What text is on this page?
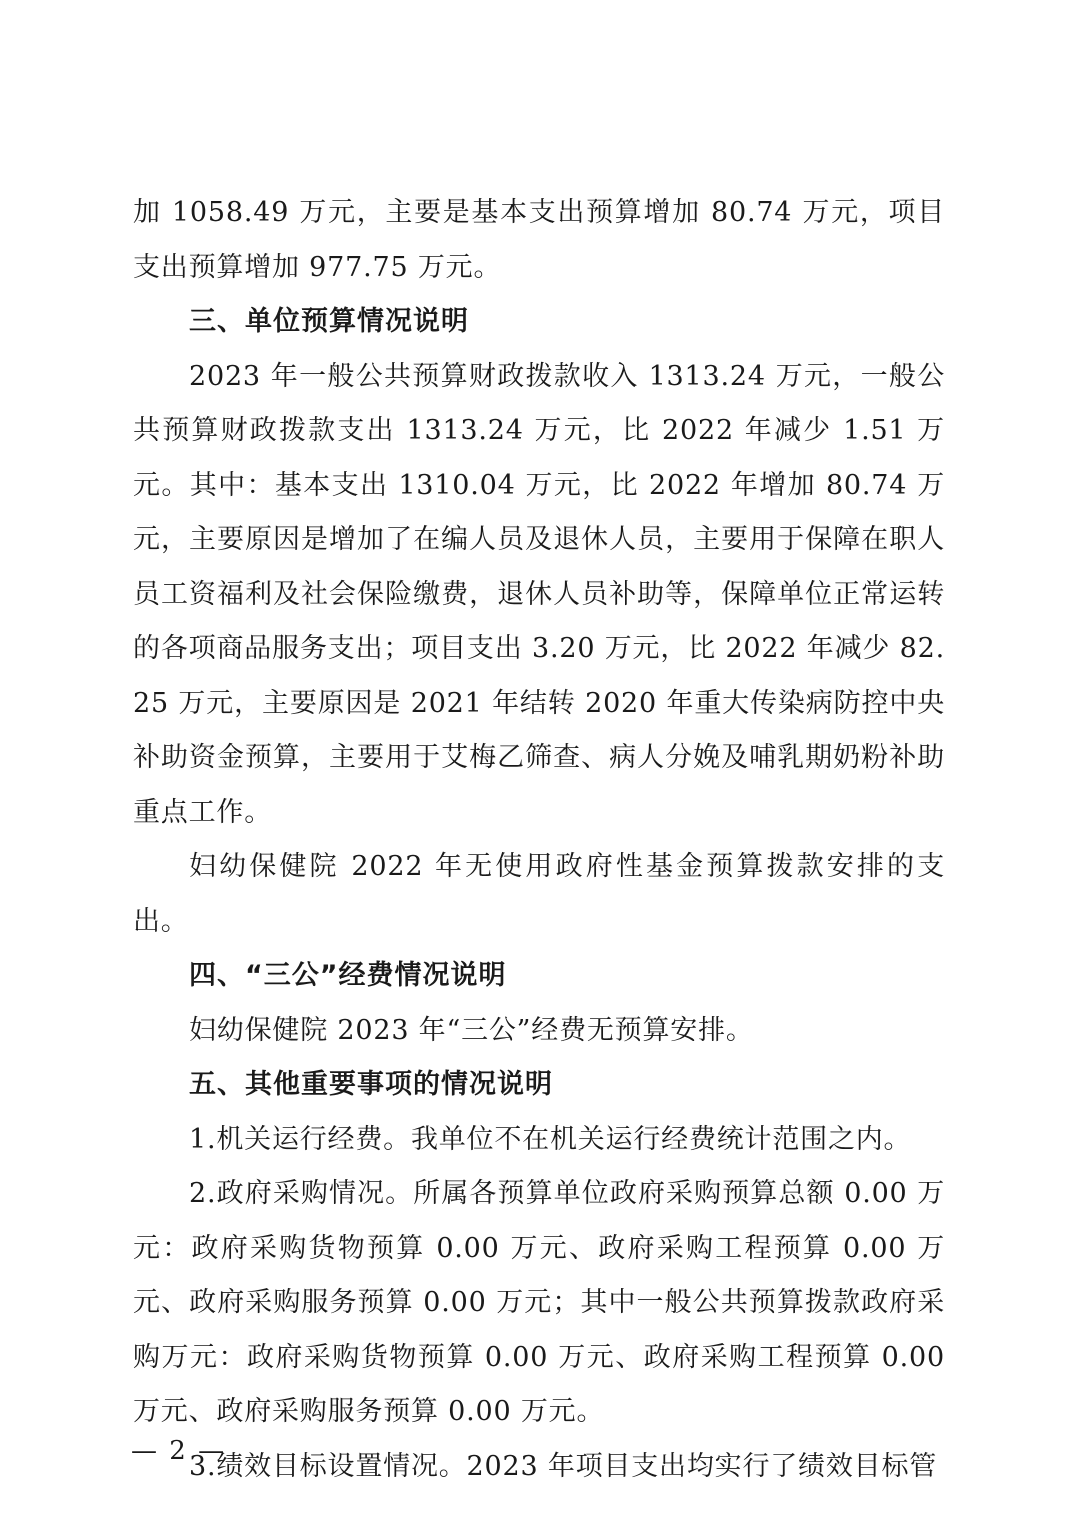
加 1058.49 万元，主要是基本支出预算增加 80.74 万元，项目支出预算增加 977.75 万元。

三、单位预算情况说明

2023 年一般公共预算财政拨款收入 1313.24 万元，一般公共预算财政拨款支出 1313.24 万元，比 2022 年减少 1.51 万元。其中：基本支出 1310.04 万元，比 2022 年增加 80.74 万元，主要原因是增加了在编人员及退休人员，主要用于保障在职人员工资福利及社会保险缴费，退休人员补助等，保障单位正常运转的各项商品服务支出；项目支出 3.20 万元，比 2022 年减少 82.25 万元，主要原因是 2021 年结转 2020 年重大传染病防控中央补助资金预算，主要用于艾梅乙筛查、病人分娩及哺乳期奶粉补助重点工作。

妇幼保健院 2022 年无使用政府性基金预算拨款安排的支出。

四、“三公”经费情况说明

妇幼保健院 2023 年“三公”经费无预算安排。

五、其他重要事项的情况说明

1.机关运行经费。我单位不在机关运行经费统计范围之内。

2.政府采购情况。所属各预算单位政府采购预算总额 0.00 万元：政府采购货物预算 0.00 万元、政府采购工程预算 0.00 万元、政府采购服务预算 0.00 万元；其中一般公共预算拨款政府采购万元：政府采购货物预算 0.00 万元、政府采购工程预算 0.00 万元、政府采购服务预算 0.00 万元。

3.绩效目标设置情况。2023 年项目支出均实行了绩效目标管

— 2 —
